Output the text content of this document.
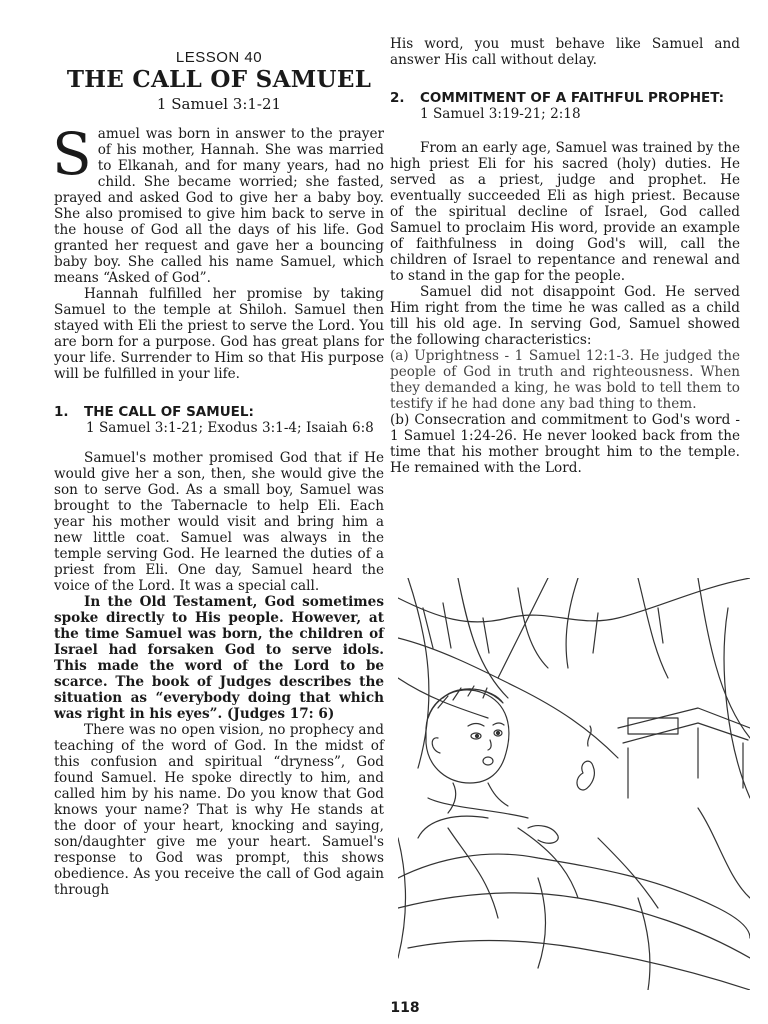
LESSON 40

THE CALL OF SAMUEL

1 Samuel 3:1-21

Samuel was born in answer to the prayer of his mother, Hannah. She was married to Elkanah, and for many years, had no child. She became worried; she fasted, prayed and asked God to give her a baby boy. She also promised to give him back to serve in the house of God all the days of his life. God granted her request and gave her a bouncing baby boy. She called his name Samuel, which means “Asked of God”.

Hannah fulfilled her promise by taking Samuel to the temple at Shiloh. Samuel then stayed with Eli the priest to serve the Lord. You are born for a purpose. God has great plans for your life. Surrender to Him so that His purpose will be fulfilled in your life.

1.	THE CALL OF SAMUEL:

1 Samuel 3:1-21; Exodus 3:1-4; Isaiah 6:8

Samuel's mother promised God that if He would give her a son, then, she would give the son to serve God. As a small boy, Samuel was brought to the Tabernacle to help Eli. Each year his mother would visit and bring him a new little coat. Samuel was always in the temple serving God. He learned the duties of a priest from Eli. One day, Samuel heard the voice of the Lord. It was a special call.

In the Old Testament, God sometimes spoke directly to His people. However, at the time Samuel was born, the children of Israel had forsaken God to serve idols. This made the word of the Lord to be scarce. The book of Judges describes the situation as “everybody doing that which was right in his eyes”. (Judges 17: 6)

There was no open vision, no prophecy and teaching of the word of God. In the midst of this confusion and spiritual “dryness”, God found Samuel. He spoke directly to him, and called him by his name. Do you know that God knows your name? That is why He stands at the door of your heart, knocking and saying, son/daughter give me your heart. Samuel's response to God was prompt, this shows obedience. As you receive the call of God again through

His word, you must behave like Samuel and answer His call without delay.

2.	COMMITMENT OF A FAITHFUL PROPHET:

1 Samuel 3:19-21; 2:18

From an early age, Samuel was trained by the high priest Eli for his sacred (holy) duties. He served as a priest, judge and prophet. He eventually succeeded Eli as high priest. Because of the spiritual decline of Israel, God called Samuel to proclaim His word, provide an example of faithfulness in doing God's will, call the children of Israel to repentance and renewal and to stand in the gap for the people.

Samuel did not disappoint God. He served Him right from the time he was called as a child till his old age. In serving God, Samuel showed the following characteristics:

(a) Uprightness - 1 Samuel 12:1-3. He judged the people of God in truth and righteousness. When they demanded a king, he was bold to tell them to testify if he had done any bad thing to them.

(b) Consecration and commitment to God's word - 1 Samuel 1:24-26. He never looked back from the time that his mother brought him to the temple. He remained with the Lord.

118
